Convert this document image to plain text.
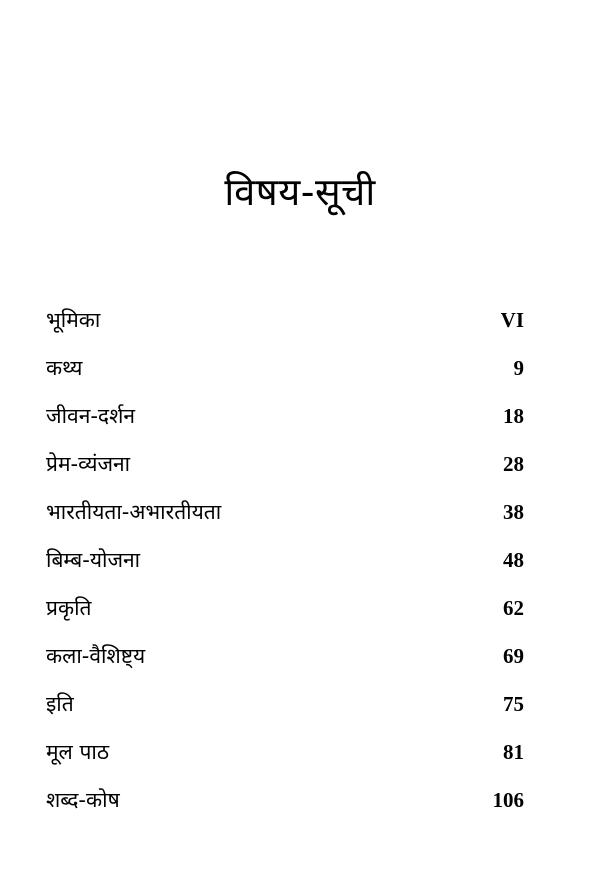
विषय-सूची
भूमिका	VI
कथ्य	9
जीवन-दर्शन	18
प्रेम-व्यंजना	28
भारतीयता-अभारतीयता	38
बिम्ब-योजना	48
प्रकृति	62
कला-वैशिष्ट्य	69
इति	75
मूल पाठ	81
शब्द-कोष	106
